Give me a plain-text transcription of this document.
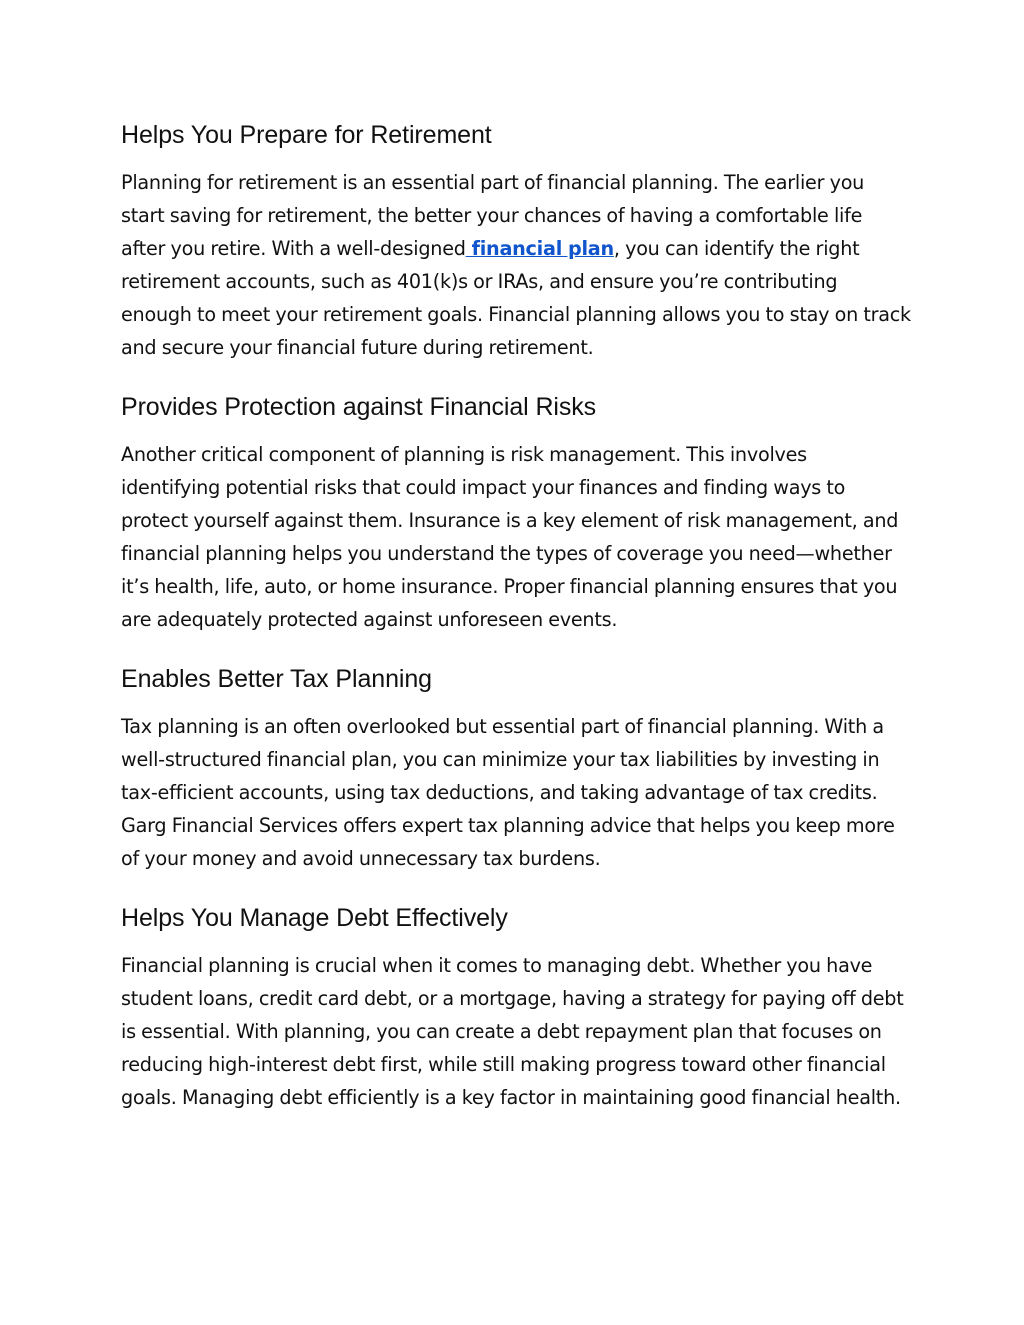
Helps You Prepare for Retirement

Planning for retirement is an essential part of financial planning. The earlier you start saving for retirement, the better your chances of having a comfortable life after you retire. With a well-designed financial plan, you can identify the right retirement accounts, such as 401(k)s or IRAs, and ensure you’re contributing enough to meet your retirement goals. Financial planning allows you to stay on track and secure your financial future during retirement.

Provides Protection against Financial Risks

Another critical component of planning is risk management. This involves identifying potential risks that could impact your finances and finding ways to protect yourself against them. Insurance is a key element of risk management, and financial planning helps you understand the types of coverage you need—whether it’s health, life, auto, or home insurance. Proper financial planning ensures that you are adequately protected against unforeseen events.

Enables Better Tax Planning

Tax planning is an often overlooked but essential part of financial planning. With a well-structured financial plan, you can minimize your tax liabilities by investing in tax-efficient accounts, using tax deductions, and taking advantage of tax credits. Garg Financial Services offers expert tax planning advice that helps you keep more of your money and avoid unnecessary tax burdens.

Helps You Manage Debt Effectively

Financial planning is crucial when it comes to managing debt. Whether you have student loans, credit card debt, or a mortgage, having a strategy for paying off debt is essential. With planning, you can create a debt repayment plan that focuses on reducing high-interest debt first, while still making progress toward other financial goals. Managing debt efficiently is a key factor in maintaining good financial health.
